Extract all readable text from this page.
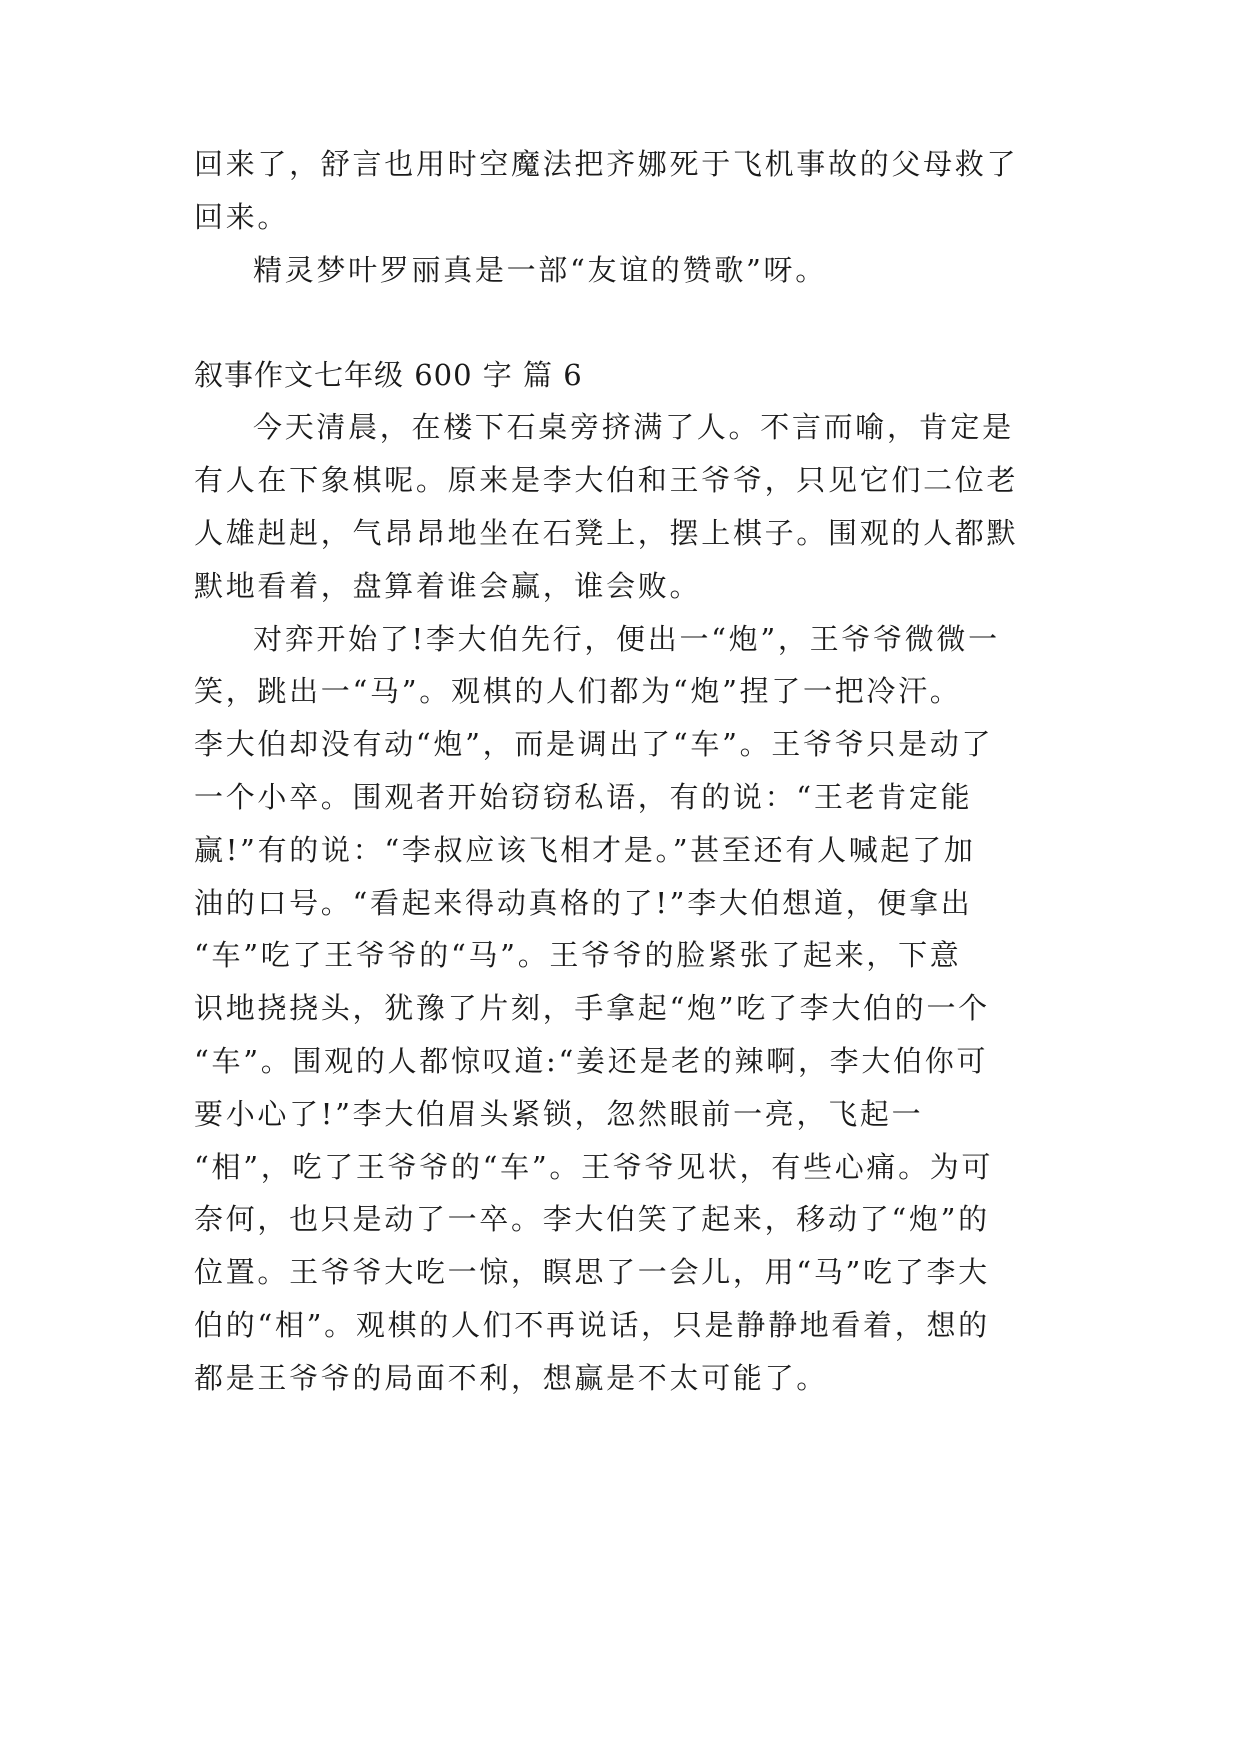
回来了，舒言也用时空魔法把齐娜死于飞机事故的父母救了
回来。
精灵梦叶罗丽真是一部“友谊的赞歌”呀。
叙事作文七年级 600 字 篇 6
今天清晨，在楼下石桌旁挤满了人。不言而喻，肯定是
有人在下象棋呢。原来是李大伯和王爷爷，只见它们二位老
人雄赳赳，气昂昂地坐在石凳上，摆上棋子。围观的人都默
默地看着，盘算着谁会赢，谁会败。
对弈开始了!李大伯先行，便出一“炮”，王爷爷微微一
笑，跳出一“马”。观棋的人们都为“炮”捏了一把冷汗。
李大伯却没有动“炮”，而是调出了“车”。王爷爷只是动了
一个小卒。围观者开始窃窃私语，有的说：“王老肯定能
赢!”有的说：“李叔应该飞相才是。”甚至还有人喊起了加
油的口号。“看起来得动真格的了!”李大伯想道，便拿出
“车”吃了王爷爷的“马”。王爷爷的脸紧张了起来，下意
识地挠挠头，犹豫了片刻，手拿起“炮”吃了李大伯的一个
“车”。围观的人都惊叹道:“姜还是老的辣啊，李大伯你可
要小心了!”李大伯眉头紧锁，忽然眼前一亮，飞起一
“相”，吃了王爷爷的“车”。王爷爷见状，有些心痛。为可
奈何，也只是动了一卒。李大伯笑了起来，移动了“炮”的
位置。王爷爷大吃一惊，瞑思了一会儿，用“马”吃了李大
伯的“相”。观棋的人们不再说话，只是静静地看着，想的
都是王爷爷的局面不利，想赢是不太可能了。
